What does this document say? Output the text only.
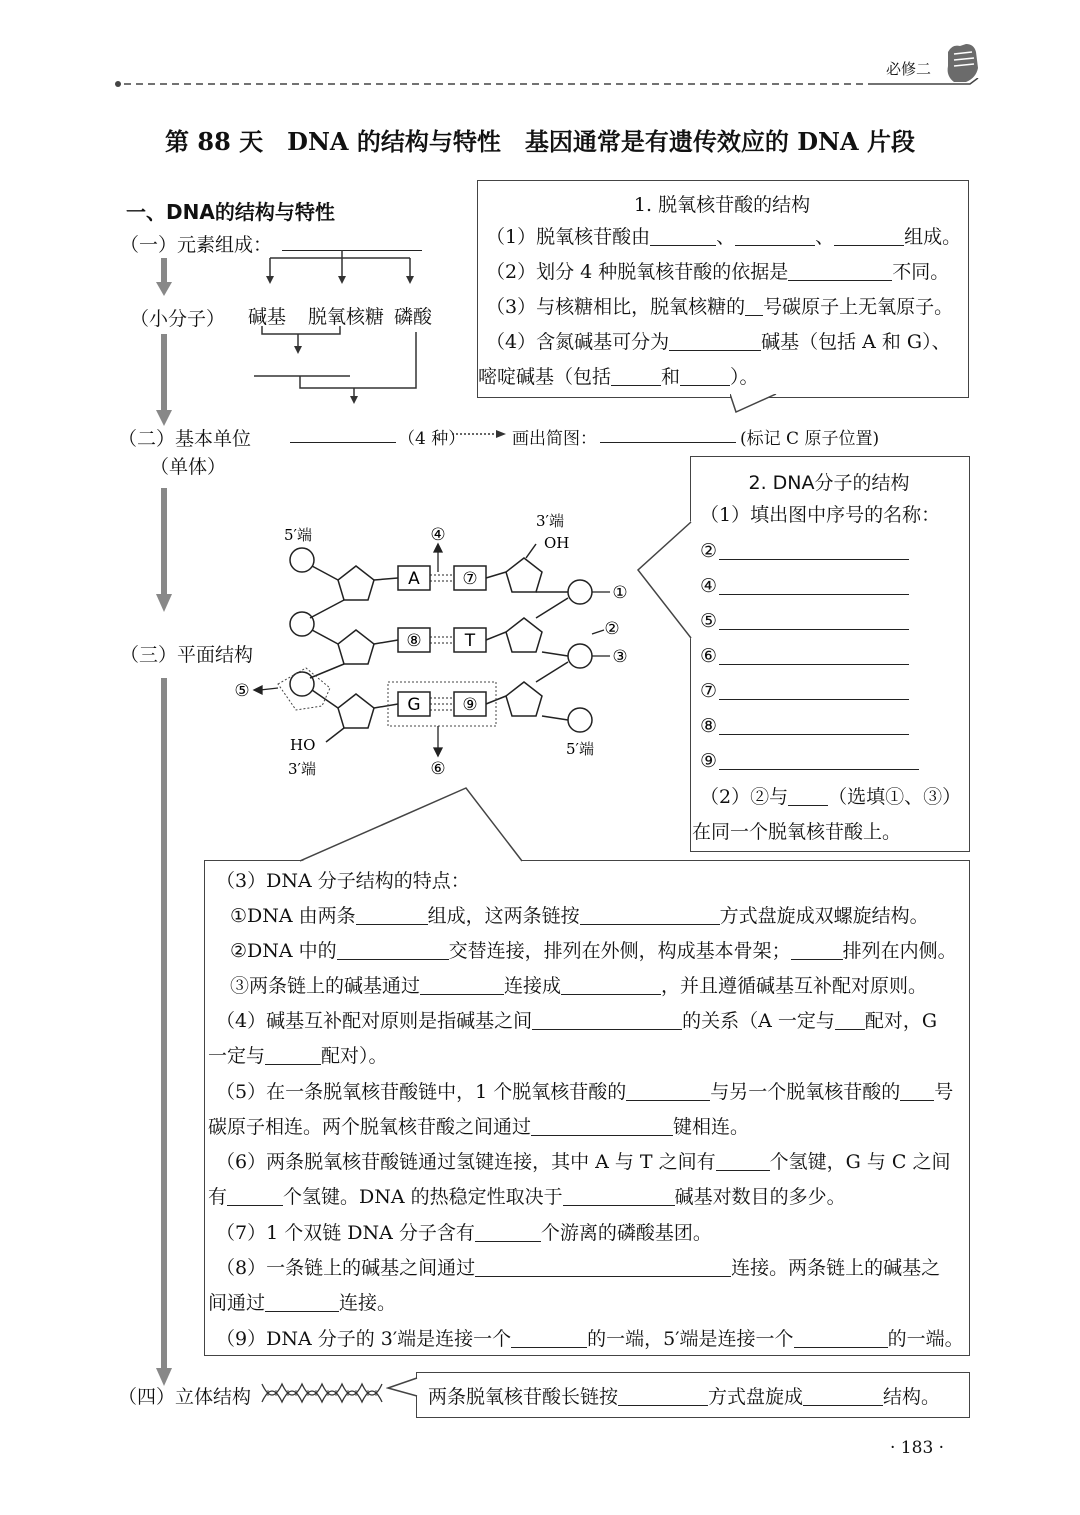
必修二
第 88 天　DNA 的结构与特性　基因通常是有遗传效应的 DNA 片段
一、DNA的结构与特性
（一）元素组成：
（小分子） 碱基 脱氧核糖 磷酸
（二）基本单位
（单体）
（4 种）	画出简图：	(标记 C 原子位置)
（三）平面结构
（四）立体结构
1. 脱氧核苷酸的结构
（1）脱氧核苷酸由	、	、	组成。
（2）划分 4 种脱氧核苷酸的依据是	不同。
（3）与核糖相比，脱氧核糖的 号碳原子上无氧原子。
（4）含氮碱基可分为	碱基（包括 A 和 G）、
嘧啶碱基（包括	和	）。
2. DNA分子的结构
（1）填出图中序号的名称：
②
④
⑤
⑥
⑦
⑧
⑨
（2）②与 （选填①、③）
在同一个脱氧核苷酸上。
5′端
3′端
OH
HO
3′端
5′端
A
T
G
⑦
⑧
⑨
④
⑥
⑤
①
②
③
（3）DNA 分子结构的特点：
①DNA 由两条	组成，这两条链按	方式盘旋成双螺旋结构。
②DNA 中的	交替连接，排列在外侧，构成基本骨架；	排列在内侧。
③两条链上的碱基通过	连接成	，并且遵循碱基互补配对原则。
（4）碱基互补配对原则是指碱基之间	的关系（A 一定与 配对，G
一定与	配对）。
（5）在一条脱氧核苷酸链中，1 个脱氧核苷酸的	与另一个脱氧核苷酸的 号
碳原子相连。两个脱氧核苷酸之间通过	键相连。
（6）两条脱氧核苷酸链通过氢键连接，其中 A 与 T 之间有	个氢键，G 与 C 之间
有	个氢键。DNA 的热稳定性取决于	碱基对数目的多少。
（7）1 个双链 DNA 分子含有	个游离的磷酸基团。
（8）一条链上的碱基之间通过	连接。两条链上的碱基之
间通过	连接。
（9）DNA 分子的 3′端是连接一个	的一端，5′端是连接一个	的一端。
两条脱氧核苷酸长链按	方式盘旋成	结构。
· 183 ·
